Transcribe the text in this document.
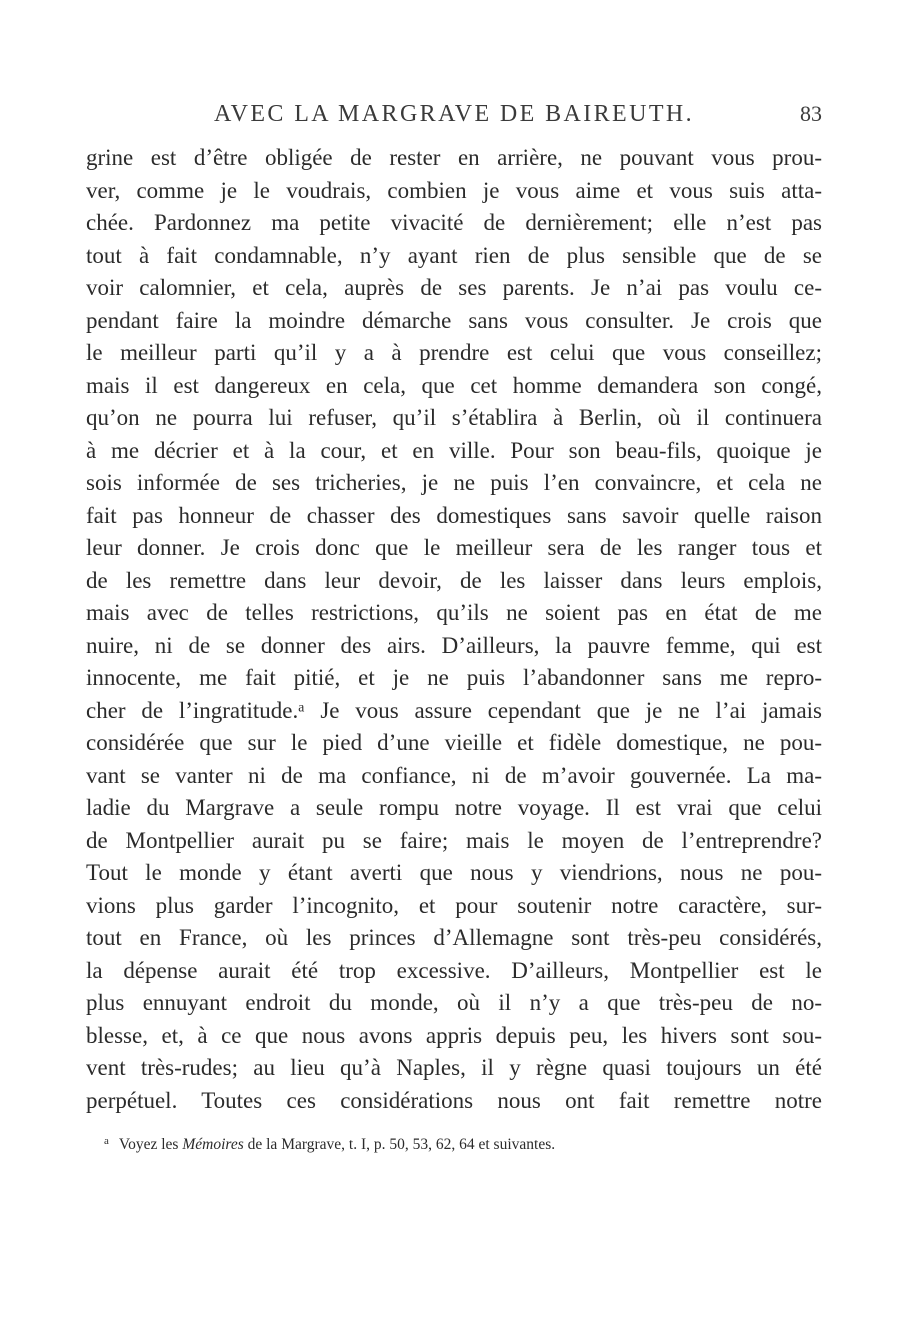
AVEC LA MARGRAVE DE BAIREUTH.	83
grine est d’être obligée de rester en arrière, ne pouvant vous prou-
ver, comme je le voudrais, combien je vous aime et vous suis atta-
chée. Pardonnez ma petite vivacité de dernièrement; elle n’est pas
tout à fait condamnable, n’y ayant rien de plus sensible que de se
voir calomnier, et cela, auprès de ses parents. Je n’ai pas voulu ce-
pendant faire la moindre démarche sans vous consulter. Je crois que
le meilleur parti qu’il y a à prendre est celui que vous conseillez;
mais il est dangereux en cela, que cet homme demandera son congé,
qu’on ne pourra lui refuser, qu’il s’établira à Berlin, où il continuera
à me décrier et à la cour, et en ville. Pour son beau-fils, quoique je
sois informée de ses tricheries, je ne puis l’en convaincre, et cela ne
fait pas honneur de chasser des domestiques sans savoir quelle raison
leur donner. Je crois donc que le meilleur sera de les ranger tous et
de les remettre dans leur devoir, de les laisser dans leurs emplois,
mais avec de telles restrictions, qu’ils ne soient pas en état de me
nuire, ni de se donner des airs. D’ailleurs, la pauvre femme, qui est
innocente, me fait pitié, et je ne puis l’abandonner sans me repro-
cher de l’ingratitude.ᵃ Je vous assure cependant que je ne l’ai jamais
considérée que sur le pied d’une vieille et fidèle domestique, ne pou-
vant se vanter ni de ma confiance, ni de m’avoir gouvernée. La ma-
ladie du Margrave a seule rompu notre voyage. Il est vrai que celui
de Montpellier aurait pu se faire; mais le moyen de l’entreprendre?
Tout le monde y étant averti que nous y viendrions, nous ne pou-
vions plus garder l’incognito, et pour soutenir notre caractère, sur-
tout en France, où les princes d’Allemagne sont très-peu considérés,
la dépense aurait été trop excessive. D’ailleurs, Montpellier est le
plus ennuyant endroit du monde, où il n’y a que très-peu de no-
blesse, et, à ce que nous avons appris depuis peu, les hivers sont sou-
vent très-rudes; au lieu qu’à Naples, il y règne quasi toujours un été
perpétuel. Toutes ces considérations nous ont fait remettre notre
$^a$ Voyez les Mémoires de la Margrave, t. I, p. 50, 53, 62, 64 et suivantes.
